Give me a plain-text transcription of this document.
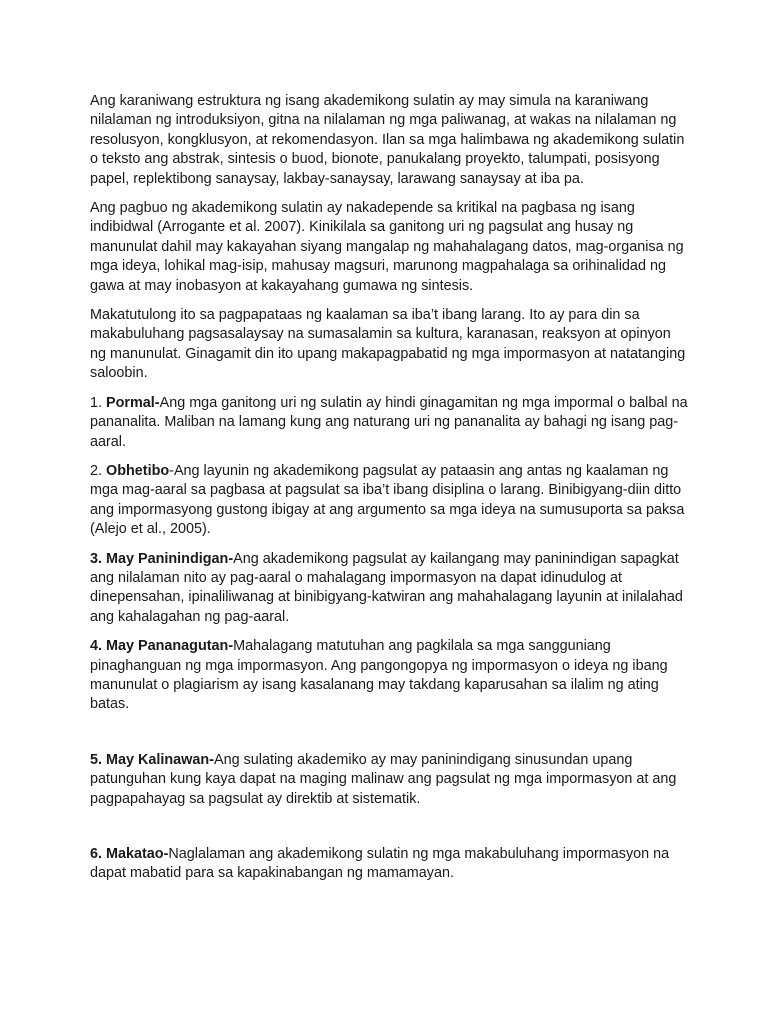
Ang karaniwang estruktura ng isang akademikong sulatin ay may simula na karaniwang nilalaman ng introduksiyon, gitna na nilalaman ng mga paliwanag, at wakas na nilalaman ng resolusyon, kongklusyon, at rekomendasyon. Ilan sa mga halimbawa ng akademikong sulatin o teksto ang abstrak, sintesis o buod, bionote, panukalang proyekto, talumpati, posisyong papel, replektibong sanaysay, lakbay-sanaysay, larawang sanaysay at iba pa.

Ang pagbuo ng akademikong sulatin ay nakadepende sa kritikal na pagbasa ng isang indibidwal (Arrogante et al. 2007). Kinikilala sa ganitong uri ng pagsulat ang husay ng manunulat dahil may kakayahan siyang mangalap ng mahahalagang datos, mag-organisa ng mga ideya, lohikal mag-isip, mahusay magsuri, marunong magpahalaga sa orihinalidad ng gawa at may inobasyon at kakayahang gumawa ng sintesis.

Makatutulong ito sa pagpapataas ng kaalaman sa iba’t ibang larang. Ito ay para din sa makabuluhang pagsasalaysay na sumasalamin sa kultura, karanasan, reaksyon at opinyon ng manunulat. Ginagamit din ito upang makapagpabatid ng mga impormasyon at natatanging saloobin.

1. Pormal-Ang mga ganitong uri ng sulatin ay hindi ginagamitan ng mga impormal o balbal na pananalita. Maliban na lamang kung ang naturang uri ng pananalita ay bahagi ng isang pag-aaral.

2. Obhetibo-Ang layunin ng akademikong pagsulat ay pataasin ang antas ng kaalaman ng mga mag-aaral sa pagbasa at pagsulat sa iba’t ibang disiplina o larang. Binibigyang-diin ditto ang impormasyong gustong ibigay at ang argumento sa mga ideya na sumusuporta sa paksa (Alejo et al., 2005).

3. May Paninindigan-Ang akademikong pagsulat ay kailangang may paninindigan sapagkat ang nilalaman nito ay pag-aaral o mahalagang impormasyon na dapat idinudulog at dinepensahan, ipinaliliwanag at binibigyang-katwiran ang mahahalagang layunin at inilalahad ang kahalagahan ng pag-aaral.

4. May Pananagutan-Mahalagang matutuhan ang pagkilala sa mga sangguniang pinaghanguan ng mga impormasyon. Ang pangongopya ng impormasyon o ideya ng ibang manunulat o plagiarism ay isang kasalanang may takdang kaparusahan sa ilalim ng ating batas.

5. May Kalinawan-Ang sulating akademiko ay may paninindigang sinusundan upang patunguhan kung kaya dapat na maging malinaw ang pagsulat ng mga impormasyon at ang pagpapahayag sa pagsulat ay direktib at sistematik.

6. Makatao-Naglalaman ang akademikong sulatin ng mga makabuluhang impormasyon na dapat mabatid para sa kapakinabangan ng mamamayan.
